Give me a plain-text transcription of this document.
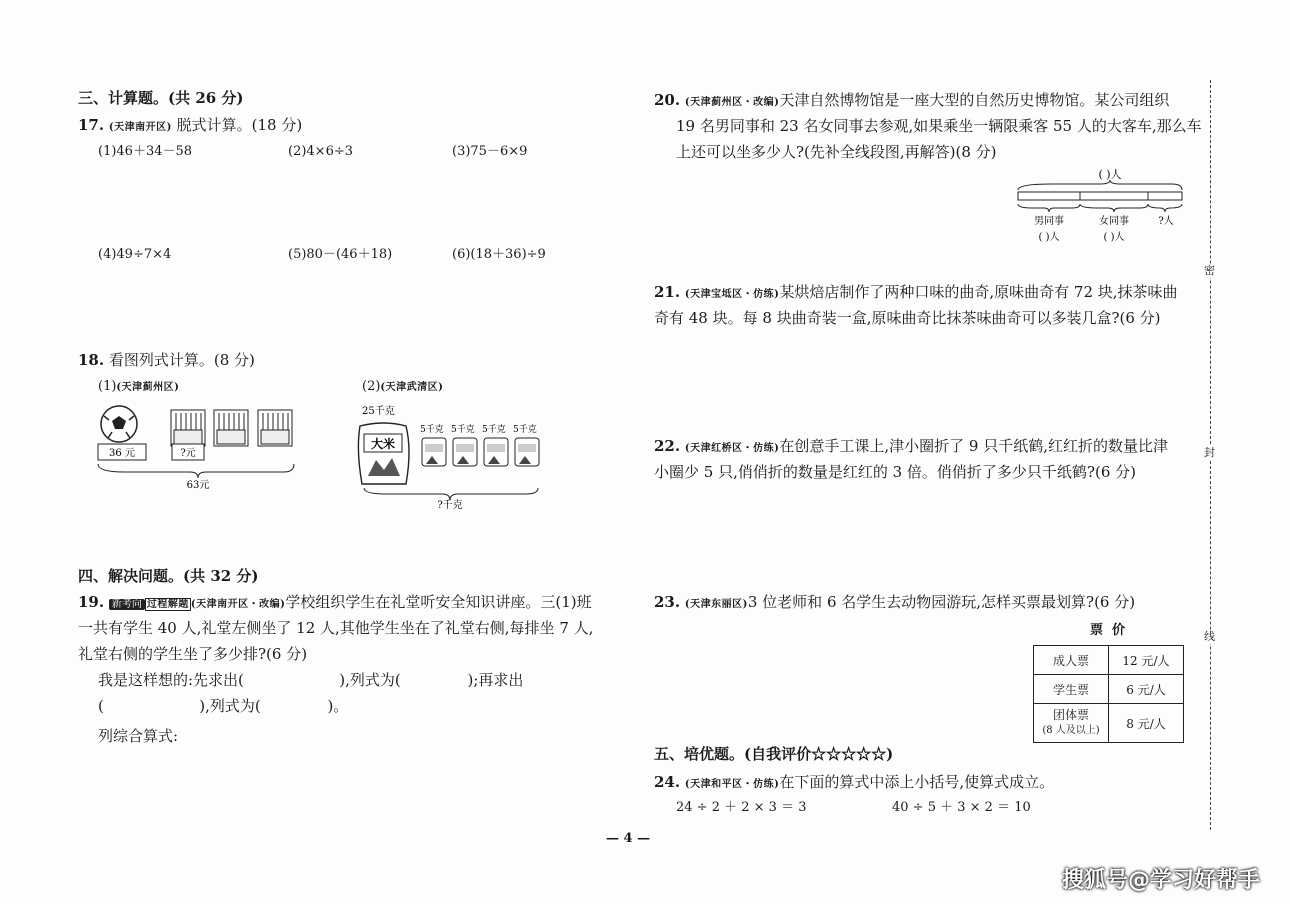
三、计算题。(共 26 分)
17. (天津南开区) 脱式计算。(18 分)
(1)46＋34－58	(2)4×6÷3	(3)75－6×9
(4)49÷7×4	(5)80－(46＋18)	(6)(18＋36)÷9
18. 看图列式计算。(8 分)
(1)(天津蓟州区)	(2)(天津武清区)
36 元	?元
63元
25千克
大米
5千克 5千克 5千克 5千克
?千克
四、解决问题。(共 32 分)
19. 新考向 过程解题 (天津南开区・改编)学校组织学生在礼堂听安全知识讲座。三(1)班
一共有学生 40 人,礼堂左侧坐了 12 人,其他学生坐在了礼堂右侧,每排坐 7 人,
礼堂右侧的学生坐了多少排?(6 分)
我是这样想的:先求出(                    ),列式为(              );再求出
(                    ),列式为(              )。
列综合算式:
20. (天津蓟州区・改编)天津自然博物馆是一座大型的自然历史博物馆。某公司组织
19 名男同事和 23 名女同事去参观,如果乘坐一辆限乘客 55 人的大客车,那么车
上还可以坐多少人?(先补全线段图,再解答)(8 分)
( )人
男同事	女同事	?人
( )人	( )人
21. (天津宝坻区・仿练)某烘焙店制作了两种口味的曲奇,原味曲奇有 72 块,抹茶味曲
奇有 48 块。每 8 块曲奇装一盒,原味曲奇比抹茶味曲奇可以多装几盒?(6 分)
22. (天津红桥区・仿练)在创意手工课上,津小圈折了 9 只千纸鹤,红红折的数量比津
小圈少 5 只,俏俏折的数量是红红的 3 倍。俏俏折了多少只千纸鹤?(6 分)
23. (天津东丽区)3 位老师和 6 名学生去动物园游玩,怎样买票最划算?(6 分)
票  价
成人票	12 元/人
学生票	6 元/人

团体票
(8 人及以上)	8 元/人
五、培优题。(自我评价☆☆☆☆☆)
24. (天津和平区・仿练)在下面的算式中添上小括号,使算式成立。
24 ÷ 2 ＋ 2 × 3 ＝ 3	40 ÷ 5 ＋ 3 × 2 ＝ 10
密
封
线
— 4 —
搜狐号@学习好帮手
